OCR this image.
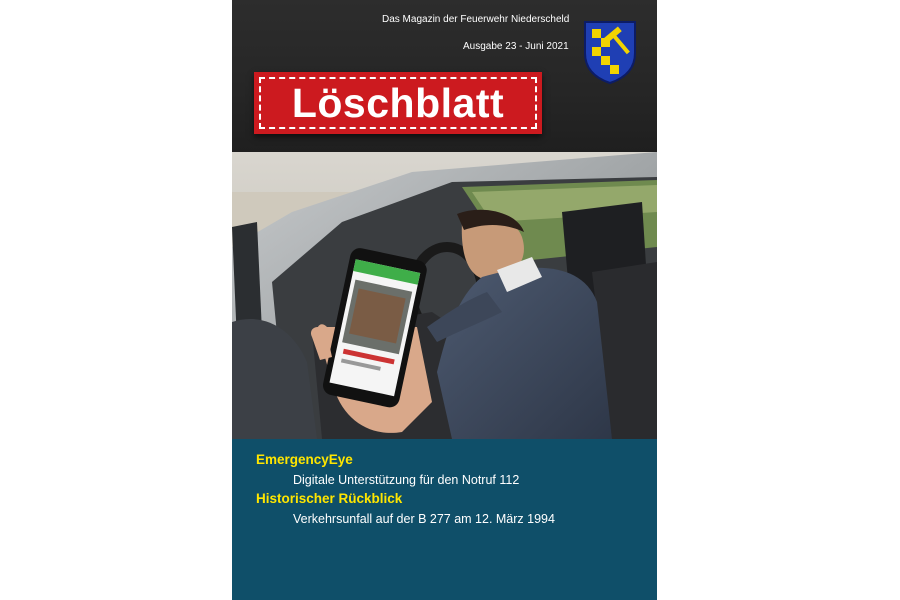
Das Magazin der Feuerwehr Niederscheld
Ausgabe 23 - Juni 2021
Löschblatt
EmergencyEye
Digitale Unterstützung für den Notruf 112
Historischer Rückblick
Verkehrsunfall auf der B 277 am 12. März 1994
